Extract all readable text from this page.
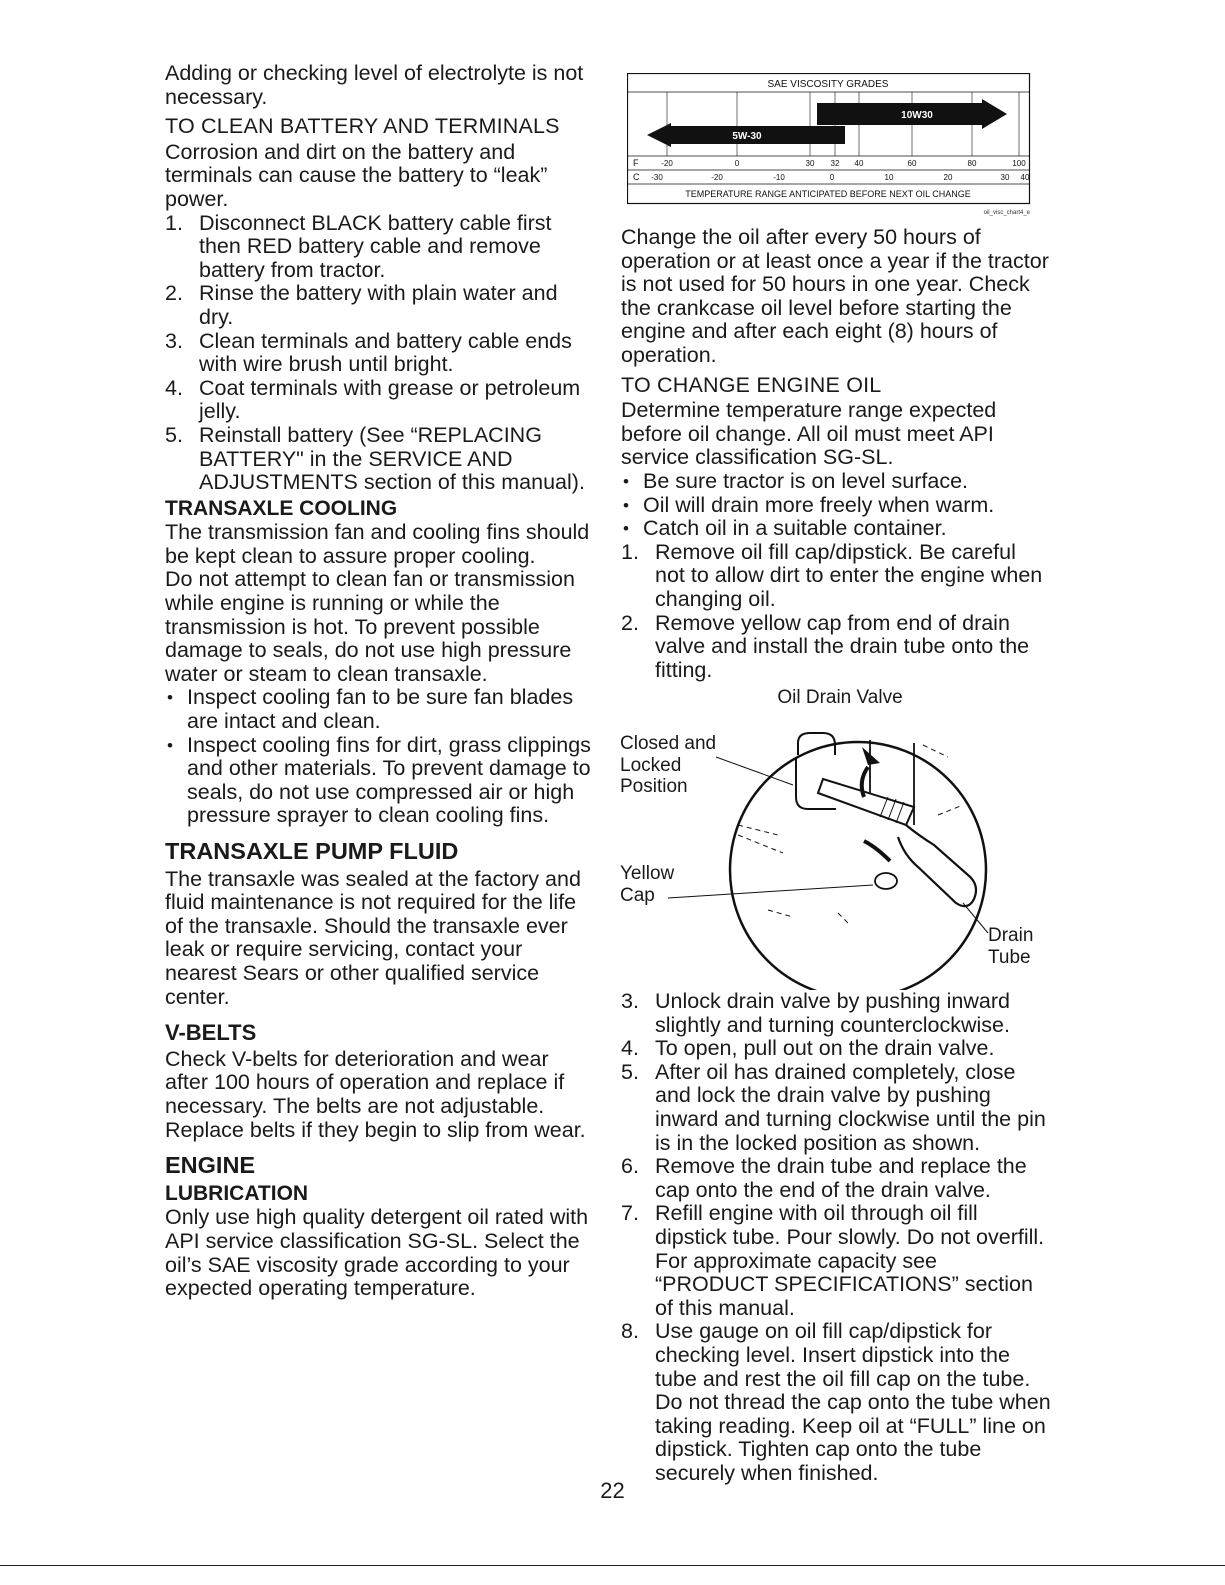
Adding or checking level of electrolyte is not necessary.

TO CLEAN BATTERY AND TERMINALS

Corrosion and dirt on the battery and terminals can cause the battery to “leak” power.

1. Disconnect BLACK battery cable first then RED battery cable and remove battery from tractor.
2. Rinse the battery with plain water and dry.
3. Clean terminals and battery cable ends with wire brush until bright.
4. Coat terminals with grease or petroleum jelly.
5. Reinstall battery (See “REPLACING BATTERY" in the SERVICE AND ADJUSTMENTS section of this manual).

TRANSAXLE COOLING

The transmission fan and cooling fins should be kept clean to assure proper cooling.

Do not attempt to clean fan or transmission while engine is running or while the transmission is hot. To prevent possible damage to seals, do not use high pressure water or steam to clean transaxle.

• Inspect cooling fan to be sure fan blades are intact and clean.
• Inspect cooling fins for dirt, grass clippings and other materials. To prevent damage to seals, do not use compressed air or high pressure sprayer to clean cooling fins.

TRANSAXLE PUMP FLUID

The transaxle was sealed at the factory and fluid maintenance is not required for the life of the transaxle. Should the transaxle ever leak or require servicing, contact your nearest Sears or other qualified service center.

V-BELTS

Check V-belts for deterioration and wear after 100 hours of operation and replace if necessary. The belts are not adjustable. Replace belts if they begin to slip from wear.

ENGINE

LUBRICATION

Only use high quality detergent oil rated with API service classification SG-SL. Select the oil’s SAE viscosity grade according to your expected operating temperature.

SAE VISCOSITY GRADES
5W-30
10W30
F
C
-20	0	30 32 40	60	80	100
-30	-20	-10	0	10	20	30 40
TEMPERATURE RANGE ANTICIPATED BEFORE NEXT OIL CHANGE
oil_visc_chart4_e

Change the oil after every 50 hours of operation or at least once a year if the tractor is not used for 50 hours in one year. Check the crankcase oil level before starting the engine and after each eight (8) hours of operation.

TO CHANGE ENGINE OIL

Determine temperature range expected before oil change. All oil must meet API service classification SG-SL.

• Be sure tractor is on level surface.
• Oil will drain more freely when warm.
• Catch oil in a suitable container.
1. Remove oil fill cap/dipstick. Be careful not to allow dirt to enter the engine when changing oil.
2. Remove yellow cap from end of drain valve and install the drain tube onto the fitting.
Oil Drain Valve
Closed and Locked Position
Yellow Cap
Drain Tube
3. Unlock drain valve by pushing inward slightly and turning counterclockwise.
4. To open, pull out on the drain valve.
5. After oil has drained completely, close and lock the drain valve by pushing inward and turning clockwise until the pin is in the locked position as shown.
6. Remove the drain tube and replace the cap onto the end of the drain valve.
7. Refill engine with oil through oil fill dipstick tube. Pour slowly. Do not overfill. For approximate capacity see “PRODUCT SPECIFICATIONS” section of this manual.
8. Use gauge on oil fill cap/dipstick for checking level. Insert dipstick into the tube and rest the oil fill cap on the tube. Do not thread the cap onto the tube when taking reading. Keep oil at “FULL” line on dipstick. Tighten cap onto the tube securely when finished.
22
